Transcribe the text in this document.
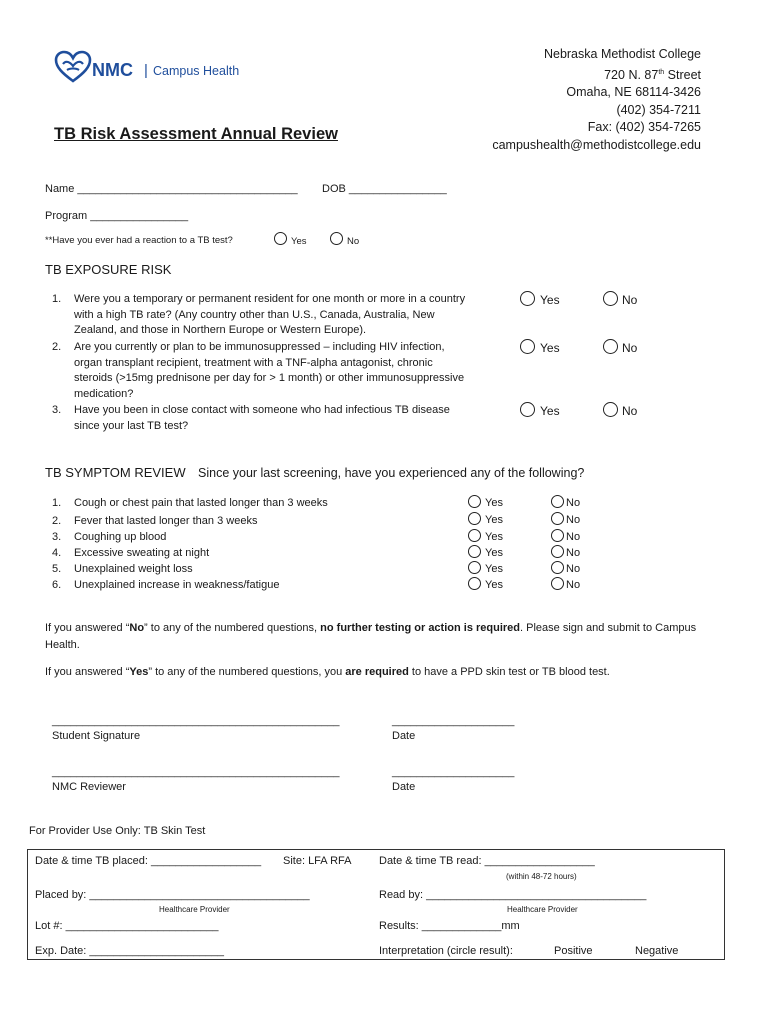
NMC | Campus Health
Nebraska Methodist College
720 N. 87th Street
Omaha, NE 68114-3426
(402) 354-7211
Fax: (402) 354-7265
campushealth@methodistcollege.edu
TB Risk Assessment Annual Review
Name ____________________________________ DOB ________________
Program ________________
**Have you ever had a reaction to a TB test?	Yes	No
TB EXPOSURE RISK
1. Were you a temporary or permanent resident for one month or more in a country with a high TB rate? (Any country other than U.S., Canada, Australia, New Zealand, and those in Northern Europe or Western Europe).
Yes	No
2. Are you currently or plan to be immunosuppressed – including HIV infection, organ transplant recipient, treatment with a TNF-alpha antagonist, chronic steroids (>15mg prednisone per day for > 1 month) or other immunosuppressive medication?
Yes	No
3. Have you been in close contact with someone who had infectious TB disease since your last TB test?
Yes	No
TB SYMPTOM REVIEW Since your last screening, have you experienced any of the following?
1. Cough or chest pain that lasted longer than 3 weeks	Yes	No
2. Fever that lasted longer than 3 weeks	Yes	No
3. Coughing up blood	Yes	No
4. Excessive sweating at night	Yes	No
5. Unexplained weight loss	Yes	No
6. Unexplained increase in weakness/fatigue	Yes	No
If you answered “No” to any of the numbered questions, no further testing or action is required. Please sign and submit to Campus Health.
If you answered “Yes” to any of the numbered questions, you are required to have a PPD skin test or TB blood test.
_______________________________________________	____________________
Student Signature	Date
_______________________________________________	____________________
NMC Reviewer	Date
For Provider Use Only: TB Skin Test
Date & time TB placed: __________________ Site: LFA RFA	Date & time TB read: __________________
(within 48-72 hours)
Placed by: ____________________________________
Healthcare Provider
Read by: ____________________________________
Healthcare Provider
Lot #: _________________________	Results: _____________mm
Exp. Date: ______________________	Interpretation (circle result):	Positive	Negative
